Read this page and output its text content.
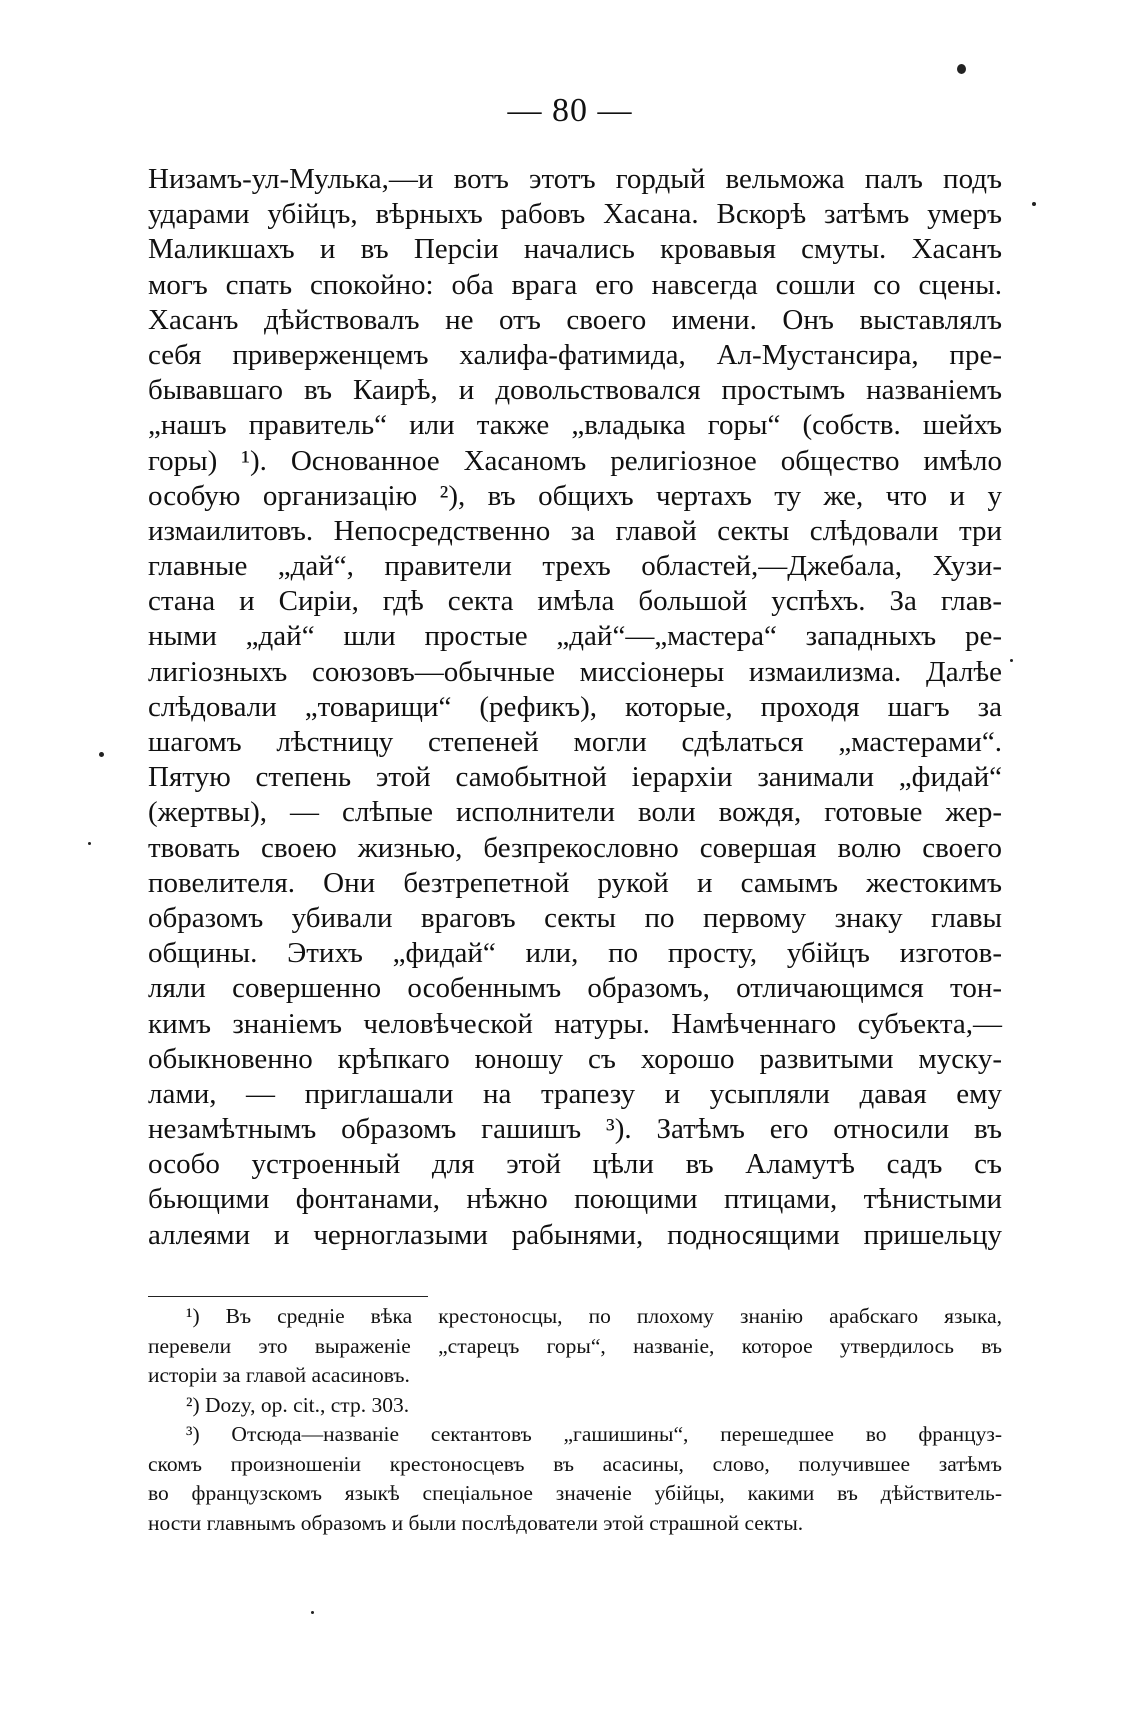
— 80 —
Низамъ-ул-Мулька,—и вотъ этотъ гордый вельможа палъ подъ
ударами убійцъ, вѣрныхъ рабовъ Хасана. Вскорѣ затѣмъ умеръ
Маликшахъ и въ Персіи начались кровавыя смуты. Хасанъ
могъ спать спокойно: оба врага его навсегда сошли со сцены.
Хасанъ дѣйствовалъ не отъ своего имени. Онъ выставлялъ
себя приверженцемъ халифа-фатимида, Ал-Мустансира, пре-
бывавшаго въ Каирѣ, и довольствовался простымъ названіемъ
„нашъ правитель“ или также „владыка горы“ (собств. шейхъ
горы) ¹). Основанное Хасаномъ религіозное общество имѣло
особую организацію ²), въ общихъ чертахъ ту же, что и у
измаилитовъ. Непосредственно за главой секты слѣдовали три
главные „дай“, правители трехъ областей,—Джебала, Хузи-
стана и Сиріи, гдѣ секта имѣла большой успѣхъ. За глав-
ными „дай“ шли простые „дай“—„мастера“ западныхъ ре-
лигіозныхъ союзовъ—обычные миссіонеры измаилизма. Далѣе
слѣдовали „товарищи“ (рефикъ), которые, проходя шагъ за
шагомъ лѣстницу степеней могли сдѣлаться „мастерами“.
Пятую степень этой самобытной іерархіи занимали „фидай“
(жертвы), — слѣпые исполнители воли вождя, готовые жер-
твовать своею жизнью, безпрекословно совершая волю своего
повелителя. Они безтрепетной рукой и самымъ жестокимъ
образомъ убивали враговъ секты по первому знаку главы
общины. Этихъ „фидай“ или, по просту, убійцъ изготов-
ляли совершенно особеннымъ образомъ, отличающимся тон-
кимъ знаніемъ человѣческой натуры. Намѣченнаго субъекта,—
обыкновенно крѣпкаго юношу съ хорошо развитыми муску-
лами, — приглашали на трапезу и усыпляли давая ему
незамѣтнымъ образомъ гашишъ ³). Затѣмъ его относили въ
особо устроенный для этой цѣли въ Аламутѣ садъ съ
бьющими фонтанами, нѣжно поющими птицами, тѣнистыми
аллеями и черноглазыми рабынями, подносящими пришельцу
¹) Въ средніе вѣка крестоносцы, по плохому знанію арабскаго языка,
перевели это выраженіе „старецъ горы“, названіе, которое утвердилось въ
исторіи за главой асасиновъ.
²) Dozy, op. cit., стр. 303.
³) Отсюда—названіе сектантовъ „гашишины“, перешедшее во француз-
скомъ произношеніи крестоносцевъ въ асасины, слово, получившее затѣмъ
во французскомъ языкѣ спеціальное значеніе убійцы, какими въ дѣйствитель-
ности главнымъ образомъ и были послѣдователи этой страшной секты.
